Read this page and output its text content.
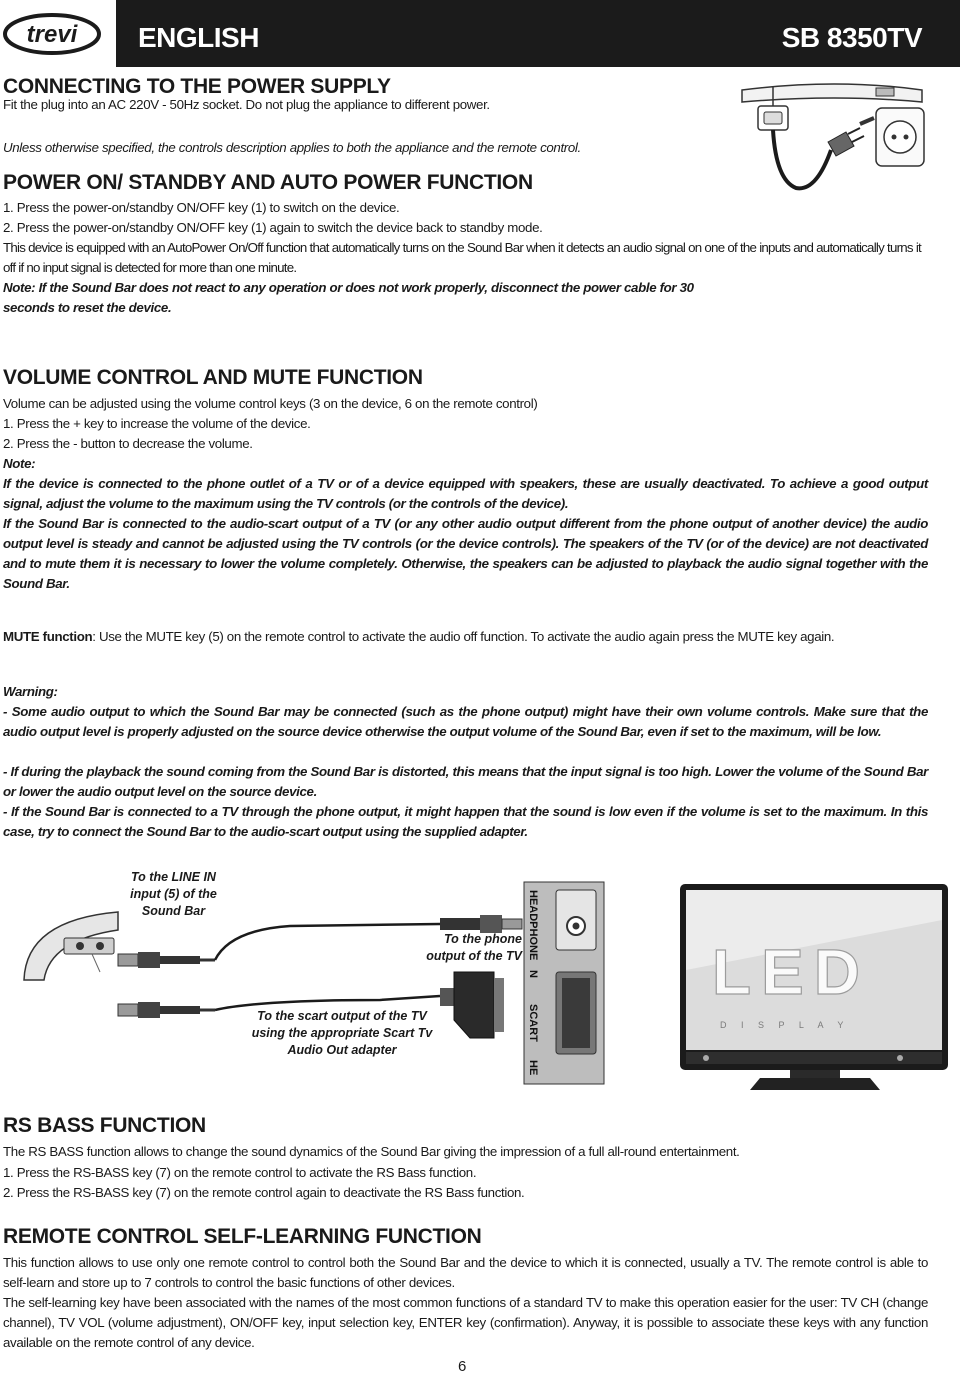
trevi ENGLISH	SB 8350TV
CONNECTING TO THE POWER SUPPLY
Fit the plug into an AC 220V - 50Hz socket. Do not plug the appliance to different power.
Unless otherwise specified, the controls description applies to both the appliance and the remote control.
POWER ON/ STANDBY AND AUTO POWER FUNCTION
1. Press the power-on/standby ON/OFF key (1) to switch on the device.
2. Press the power-on/standby ON/OFF key (1) again to switch the device back to standby mode.
This device is equipped with an AutoPower On/Off function that automatically turns on the Sound Bar when it detects an audio signal on one of the inputs and automatically turns it off if no input signal is detected for more than one minute.
Note: If the Sound Bar does not react to any operation or does not work properly, disconnect the power cable for 30 seconds to reset the device.
VOLUME CONTROL AND MUTE FUNCTION
Volume can be adjusted using the volume control keys (3 on the device, 6 on the remote control)
1. Press the + key to increase the volume of the device.
2. Press the - button to decrease the volume.
Note:
If the device is connected to the phone outlet of a TV or of a device equipped with speakers, these are usually deactivated. To achieve a good output signal, adjust the volume to the maximum using the TV controls (or the controls of the device).
If the Sound Bar is connected to the audio-scart output of a TV (or any other audio output different from the phone output of another device) the audio output level is steady and cannot be adjusted using the TV controls (or the device controls). The speakers of the TV (or of the device) are not deactivated and to mute them it is necessary to lower the volume completely. Otherwise, the speakers can be adjusted to playback the audio signal together with the Sound Bar.
MUTE function: Use the MUTE key (5) on the remote control to activate the audio off function. To activate the audio again press the MUTE key again.
Warning:
- Some audio output to which the Sound Bar may be connected (such as the phone output) might have their own volume controls. Make sure that the audio output level is properly adjusted on the source device otherwise the output volume of the Sound Bar, even if set to the maximum, will be low.
- If during the playback the sound coming from the Sound Bar is distorted, this means that the input signal is too high. Lower the volume of the Sound Bar or lower the audio output level on the source device.
- If the Sound Bar is connected to a TV through the phone output, it might happen that the sound is low even if the volume is set to the maximum. In this case, try to connect the Sound Bar to the audio-scart output using the supplied adapter.
HEADPHONE
N
SCART
HE
LED
D I S P L A Y
To the LINE IN input (5) of the Sound Bar
To the phone output of the TV
To the scart output of the TV using the appropriate Scart Tv Audio Out adapter
RS BASS FUNCTION
The RS BASS function allows to change the sound dynamics of the Sound Bar giving the impression of a full all-round entertainment.
1. Press the RS-BASS key (7) on the remote control to activate the RS Bass function.
2. Press the RS-BASS key (7) on the remote control again to deactivate the RS Bass function.
REMOTE CONTROL SELF-LEARNING FUNCTION
This function allows to use only one remote control to control both the Sound Bar and the device to which it is connected, usually a TV. The remote control is able to self-learn and store up to 7 controls to control the basic functions of other devices.
The self-learning key have been associated with the names of the most common functions of a standard TV to make this operation easier for the user: TV CH (change channel), TV VOL (volume adjustment), ON/OFF key, input selection key, ENTER key (confirmation). Anyway, it is possible to associate these keys with any function available on the remote control of any device.
6
